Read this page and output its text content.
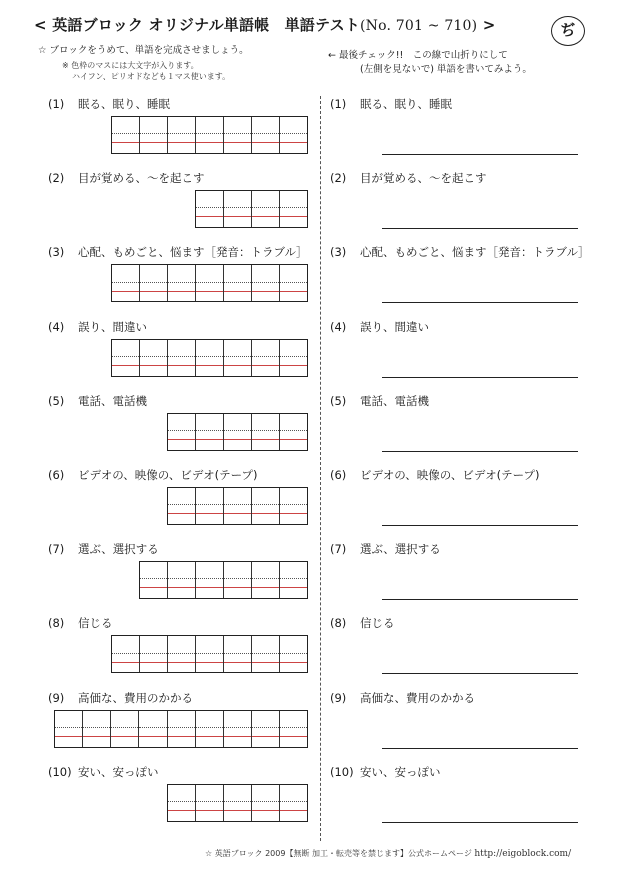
< 英語ブロック オリジナル単語帳　単語テスト(No. 701 ~ 710) >	ぢ
☆ ブロックをうめて、単語を完成させましょう。
※ 色枠のマスには大文字が入ります。
ハイフン、ピリオドなども１マス使います。
← 最後チェック!!　この線で山折りにして
(左側を見ないで) 単語を書いてみよう。
(1) 眠る、眠り、睡眠
(2) 目が覚める、～を起こす
(3) 心配、もめごと、悩ます［発音：トラブル］
(4) 誤り、間違い
(5) 電話、電話機
(6) ビデオの、映像の、ビデオ(テープ)
(7) 選ぶ、選択する
(8) 信じる
(9) 高価な、費用のかかる
(10) 安い、安っぽい
(1) 眠る、眠り、睡眠
(2) 目が覚める、～を起こす
(3) 心配、もめごと、悩ます［発音：トラブル］
(4) 誤り、間違い
(5) 電話、電話機
(6) ビデオの、映像の、ビデオ(テープ)
(7) 選ぶ、選択する
(8) 信じる
(9) 高価な、費用のかかる
(10) 安い、安っぽい
☆ 英語ブロック 2009【無断 加工・転売等を禁じます】公式ホームページ http://eigoblock.com/
